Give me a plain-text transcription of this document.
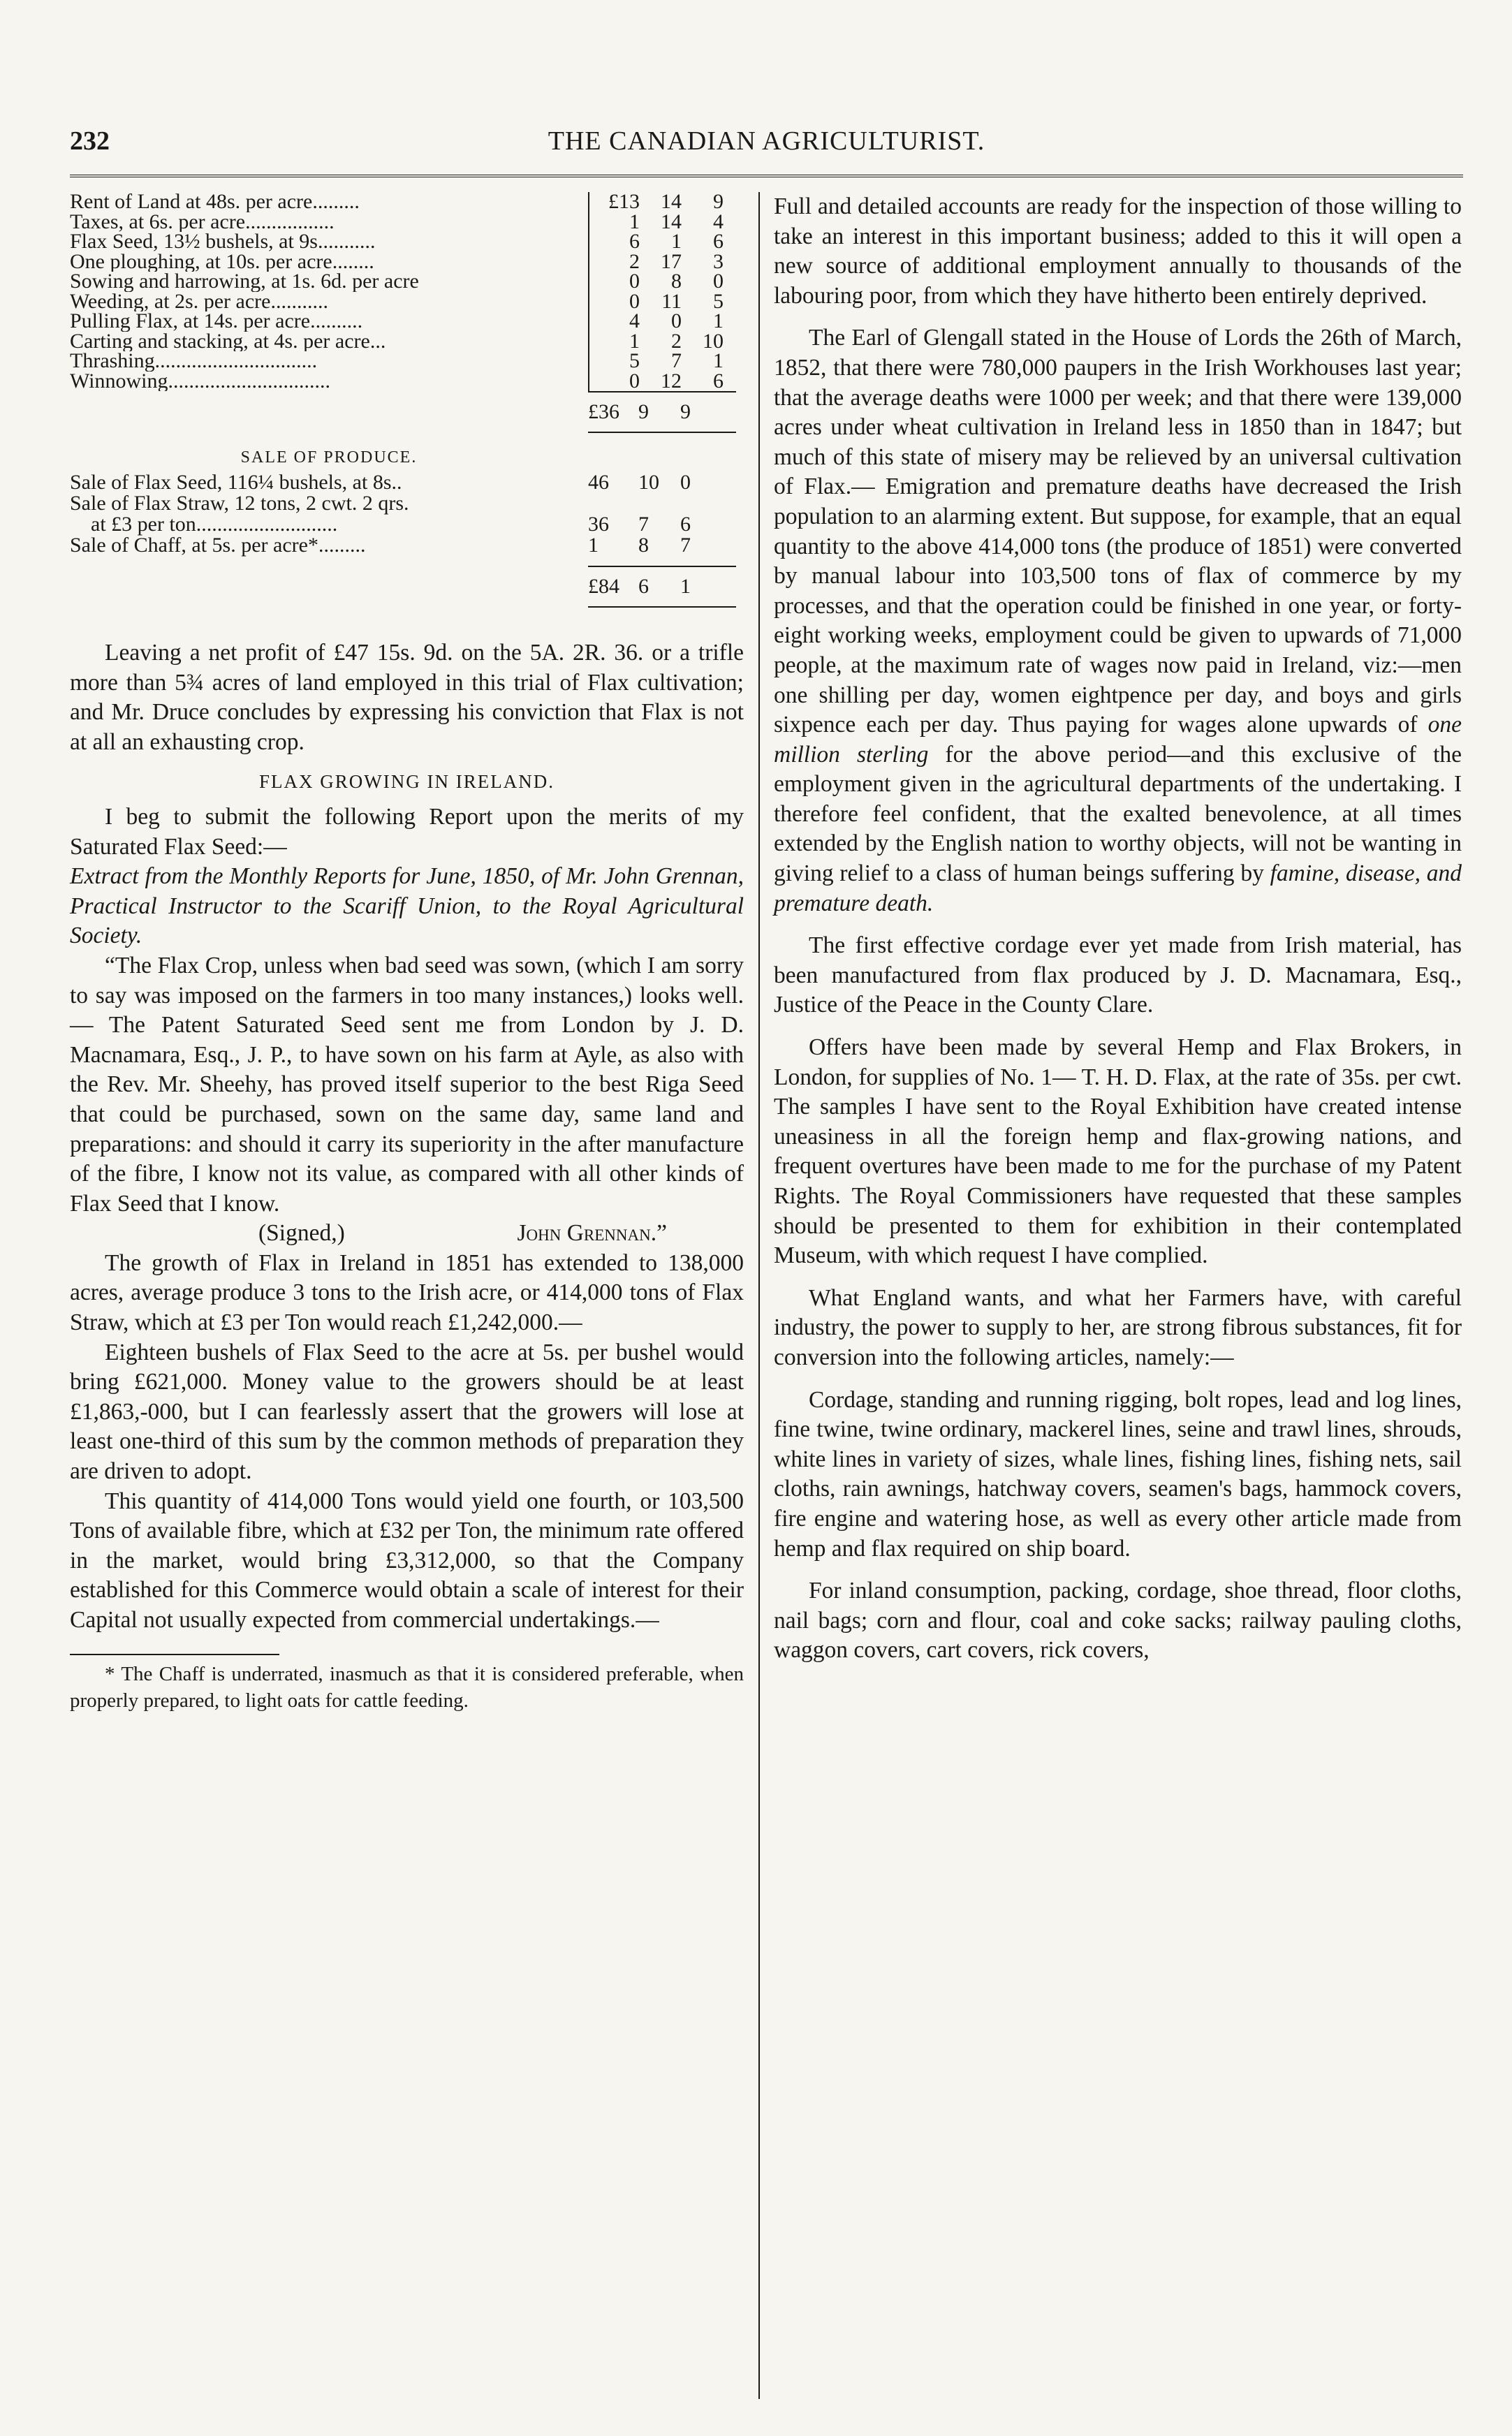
232	THE CANADIAN AGRICULTURIST.
Rent of Land at 48s. per acre.........	£13	14	9
Taxes, at 6s. per acre.................	1	14	4
Flax Seed, 13½ bushels, at 9s...........	6	1	6
One ploughing, at 10s. per acre........	2	17	3
Sowing and harrowing, at 1s. 6d. per acre	0	8	0
Weeding, at 2s. per acre...........	0	11	5
Pulling Flax, at 14s. per acre..........	4	0	1
Carting and stacking, at 4s. per acre...	1	2	10
Thrashing...............................	5	7	1
Winnowing...............................	0	12	6
£36 9	9
SALE OF PRODUCE.
Sale of Flax Seed, 116¼ bushels, at 8s..	46	10	0
Sale of Flax Straw, 12 tons, 2 cwt. 2 qrs.
at £3 per ton...........................	36	7	6
Sale of Chaff, at 5s. per acre*.........	1	8	7
£84 6	1

Leaving a net profit of £47 15s. 9d. on the 5A. 2R. 36. or a trifle more than 5¾ acres of land employed in this trial of Flax cultivation; and Mr. Druce concludes by expressing his conviction that Flax is not at all an exhausting crop.

FLAX GROWING IN IRELAND.

I beg to submit the following Report upon the merits of my Saturated Flax Seed:—

Extract from the Monthly Reports for June, 1850, of Mr. John Grennan, Practical Instructor to the Scariff Union, to the Royal Agricultural Society.

“The Flax Crop, unless when bad seed was sown, (which I am sorry to say was imposed on the farmers in too many instances,) looks well.— The Patent Saturated Seed sent me from London by J. D. Macnamara, Esq., J. P., to have sown on his farm at Ayle, as also with the Rev. Mr. Sheehy, has proved itself superior to the best Riga Seed that could be purchased, sown on the same day, same land and preparations: and should it carry its superiority in the after manufacture of the fibre, I know not its value, as compared with all other kinds of Flax Seed that I know.

(Signed,)	John Grennan.”

The growth of Flax in Ireland in 1851 has extended to 138,000 acres, average produce 3 tons to the Irish acre, or 414,000 tons of Flax Straw, which at £3 per Ton would reach £1,242,000.—

Eighteen bushels of Flax Seed to the acre at 5s. per bushel would bring £621,000. Money value to the growers should be at least £1,863,-000, but I can fearlessly assert that the growers will lose at least one-third of this sum by the common methods of preparation they are driven to adopt.

This quantity of 414,000 Tons would yield one fourth, or 103,500 Tons of available fibre, which at £32 per Ton, the minimum rate offered in the market, would bring £3,312,000, so that the Company established for this Commerce would obtain a scale of interest for their Capital not usually expected from commercial undertakings.—

* The Chaff is underrated, inasmuch as that it is considered preferable, when properly prepared, to light oats for cattle feeding.

Full and detailed accounts are ready for the inspection of those willing to take an interest in this important business; added to this it will open a new source of additional employment annually to thousands of the labouring poor, from which they have hitherto been entirely deprived.

The Earl of Glengall stated in the House of Lords the 26th of March, 1852, that there were 780,000 paupers in the Irish Workhouses last year; that the average deaths were 1000 per week; and that there were 139,000 acres under wheat cultivation in Ireland less in 1850 than in 1847; but much of this state of misery may be relieved by an universal cultivation of Flax.— Emigration and premature deaths have decreased the Irish population to an alarming extent. But suppose, for example, that an equal quantity to the above 414,000 tons (the produce of 1851) were converted by manual labour into 103,500 tons of flax of commerce by my processes, and that the operation could be finished in one year, or forty-eight working weeks, employment could be given to upwards of 71,000 people, at the maximum rate of wages now paid in Ireland, viz:—men one shilling per day, women eightpence per day, and boys and girls sixpence each per day. Thus paying for wages alone upwards of one million sterling for the above period—and this exclusive of the employment given in the agricultural departments of the undertaking. I therefore feel confident, that the exalted benevolence, at all times extended by the English nation to worthy objects, will not be wanting in giving relief to a class of human beings suffering by famine, disease, and premature death.

The first effective cordage ever yet made from Irish material, has been manufactured from flax produced by J. D. Macnamara, Esq., Justice of the Peace in the County Clare.

Offers have been made by several Hemp and Flax Brokers, in London, for supplies of No. 1— T. H. D. Flax, at the rate of 35s. per cwt. The samples I have sent to the Royal Exhibition have created intense uneasiness in all the foreign hemp and flax-growing nations, and frequent overtures have been made to me for the purchase of my Patent Rights. The Royal Commissioners have requested that these samples should be presented to them for exhibition in their contemplated Museum, with which request I have complied.

What England wants, and what her Farmers have, with careful industry, the power to supply to her, are strong fibrous substances, fit for conversion into the following articles, namely:—

Cordage, standing and running rigging, bolt ropes, lead and log lines, fine twine, twine ordinary, mackerel lines, seine and trawl lines, shrouds, white lines in variety of sizes, whale lines, fishing lines, fishing nets, sail cloths, rain awnings, hatchway covers, seamen's bags, hammock covers, fire engine and watering hose, as well as every other article made from hemp and flax required on ship board.

For inland consumption, packing, cordage, shoe thread, floor cloths, nail bags; corn and flour, coal and coke sacks; railway pauling cloths, waggon covers, cart covers, rick covers,
